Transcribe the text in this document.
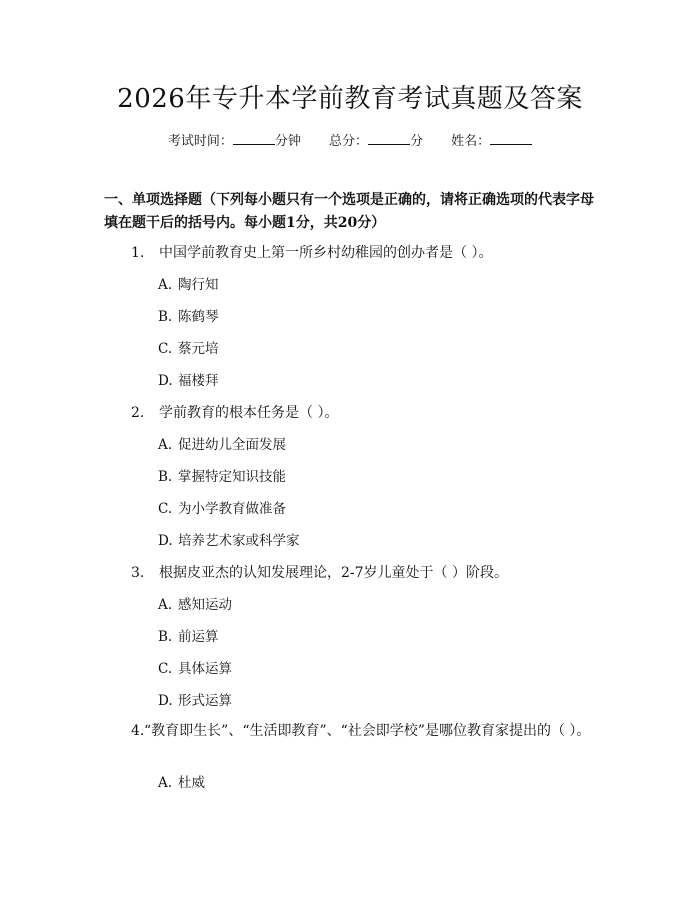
2026年专升本学前教育考试真题及答案
考试时间：	分钟 总分：	分 姓名：
一、单项选择题（下列每小题只有一个选项是正确的，请将正确选项的代表字母填在题干后的括号内。每小题1分，共20分）
1. 中国学前教育史上第一所乡村幼稚园的创办者是（ ）。
A. 陶行知
B. 陈鹤琴
C. 蔡元培
D. 福楼拜
2. 学前教育的根本任务是（ ）。
A. 促进幼儿全面发展
B. 掌握特定知识技能
C. 为小学教育做准备
D. 培养艺术家或科学家
3. 根据皮亚杰的认知发展理论，2-7岁儿童处于（ ）阶段。
A. 感知运动
B. 前运算
C. 具体运算
D. 形式运算
4.“教育即生长”、“生活即教育”、“社会即学校”是哪位教育家提出的（ ）。
A. 杜威
